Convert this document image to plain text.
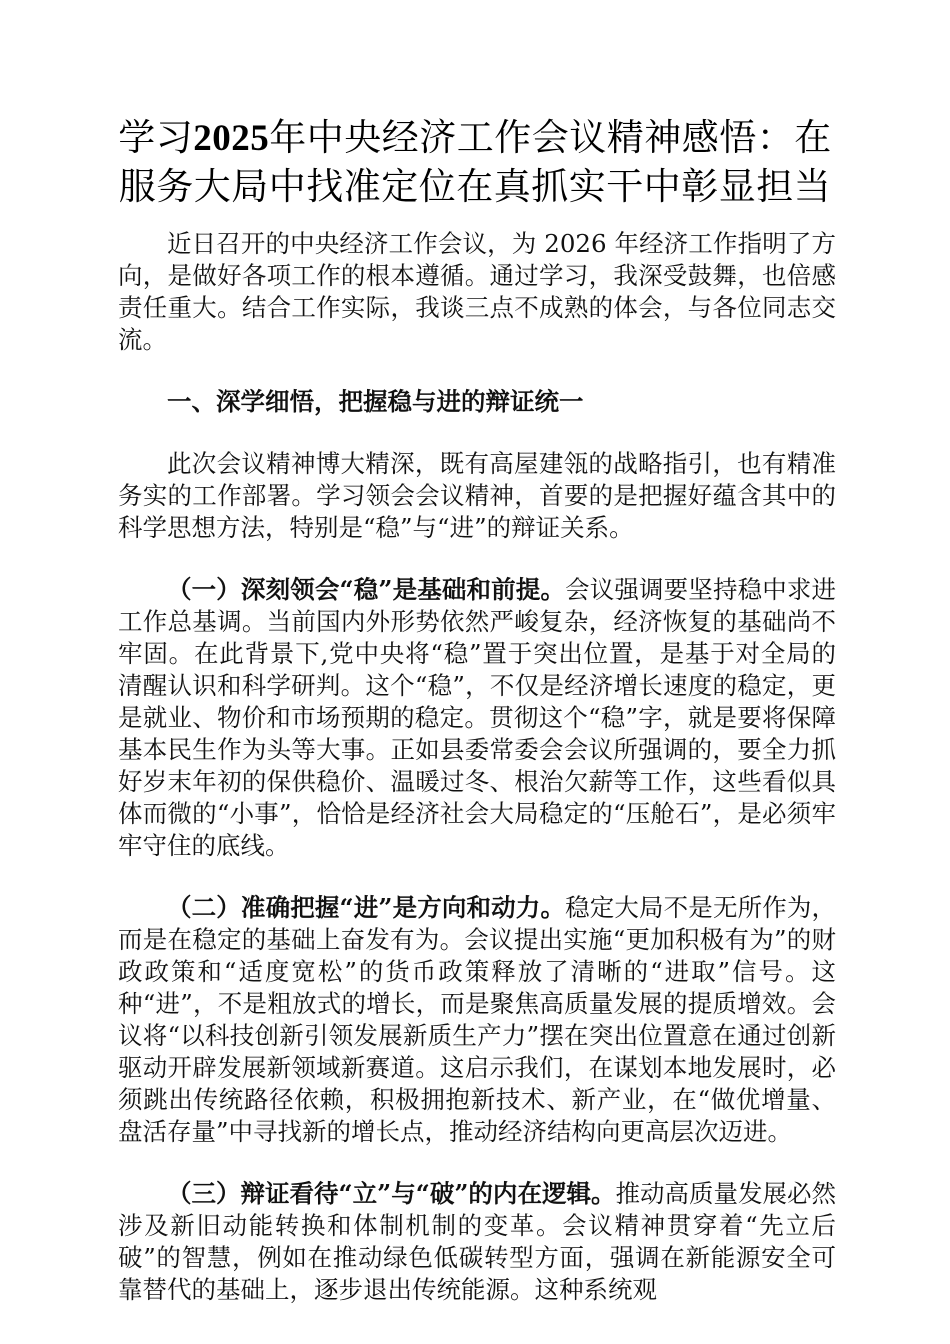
学习2025年中央经济工作会议精神感悟：在服务大局中找准定位在真抓实干中彰显担当

近日召开的中央经济工作会议，为 2026 年经济工作指明了方向，是做好各项工作的根本遵循。通过学习，我深受鼓舞，也倍感责任重大。结合工作实际，我谈三点不成熟的体会，与各位同志交流。

一、深学细悟，把握稳与进的辩证统一

此次会议精神博大精深，既有高屋建瓴的战略指引，也有精准务实的工作部署。学习领会会议精神，首要的是把握好蕴含其中的科学思想方法，特别是“稳”与“进”的辩证关系。

（一）深刻领会“稳”是基础和前提。会议强调要坚持稳中求进工作总基调。当前国内外形势依然严峻复杂，经济恢复的基础尚不牢固。在此背景下,党中央将“稳”置于突出位置，是基于对全局的清醒认识和科学研判。这个“稳”，不仅是经济增长速度的稳定，更是就业、物价和市场预期的稳定。贯彻这个“稳”字，就是要将保障基本民生作为头等大事。正如县委常委会会议所强调的，要全力抓好岁末年初的保供稳价、温暖过冬、根治欠薪等工作，这些看似具体而微的“小事”，恰恰是经济社会大局稳定的“压舱石”，是必须牢牢守住的底线。

（二）准确把握“进”是方向和动力。稳定大局不是无所作为，而是在稳定的基础上奋发有为。会议提出实施“更加积极有为”的财政政策和“适度宽松”的货币政策释放了清晰的“进取”信号。这种“进”，不是粗放式的增长，而是聚焦高质量发展的提质增效。会议将“以科技创新引领发展新质生产力”摆在突出位置意在通过创新驱动开辟发展新领域新赛道。这启示我们，在谋划本地发展时，必须跳出传统路径依赖，积极拥抱新技术、新产业，在“做优增量、盘活存量”中寻找新的增长点，推动经济结构向更高层次迈进。

（三）辩证看待“立”与“破”的内在逻辑。推动高质量发展必然涉及新旧动能转换和体制机制的变革。会议精神贯穿着“先立后破”的智慧，例如在推动绿色低碳转型方面，强调在新能源安全可靠替代的基础上，逐步退出传统能源。这种系统观
